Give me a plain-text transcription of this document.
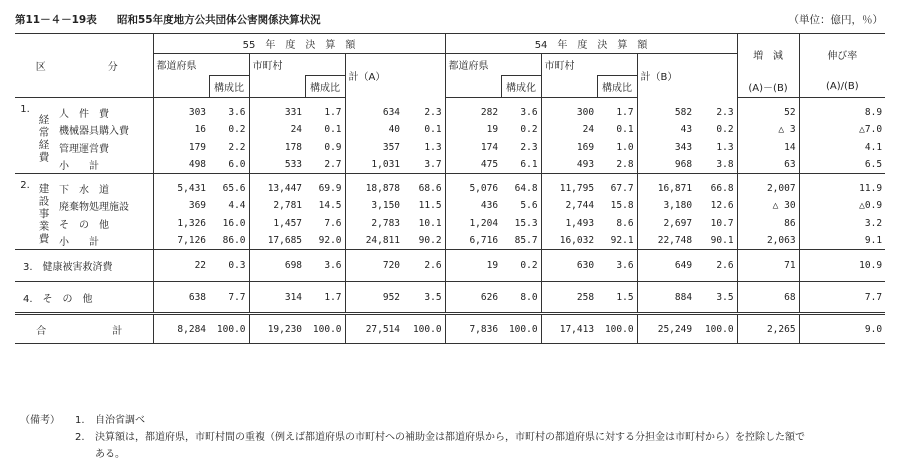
第11－４－19表 昭和55年度地方公共団体公害関係決算状況	（単位：億円，％）
区　　分			55　年　度　決　算　額						54　年　度　決　算　額						増　減	伸び率
			都道府県		市町村		計（A）		都道府県		市町村		計（B）			
				構成比		構成比				構成化		構成比			(A)－(B)	(A)/(B)
1.	経常経費	人　件　費	303	3.6	331	1.7	634	2.3	282	3.6	300	1.7	582	2.3	52	8.9
		機械器具購入費	16	0.2	24	0.1	40	0.1	19	0.2	24	0.1	43	0.2	△ 3	△7.0
		管理運営費	179	2.2	178	0.9	357	1.3	174	2.3	169	1.0	343	1.3	14	4.1
		小　　計	498	6.0	533	2.7	1,031	3.7	475	6.1	493	2.8	968	3.8	63	6.5
2.	建設事業費	下　水　道	5,431	65.6	13,447	69.9	18,878	68.6	5,076	64.8	11,795	67.7	16,871	66.8	2,007	11.9
		廃棄物処理施設	369	4.4	2,781	14.5	3,150	11.5	436	5.6	2,744	15.8	3,180	12.6	△ 30	△0.9
		そ　の　他	1,326	16.0	1,457	7.6	2,783	10.1	1,204	15.3	1,493	8.6	2,697	10.7	86	3.2
		小　　計	7,126	86.0	17,685	92.0	24,811	90.2	6,716	85.7	16,032	92.1	22,748	90.1	2,063	9.1
3.　健康被害救済費			22	0.3	698	3.6	720	2.6	19	0.2	630	3.6	649	2.6	71	10.9
4.　そ　の　他			638	7.7	314	1.7	952	3.5	626	8.0	258	1.5	884	3.5	68	7.7
合　　　計			8,284	100.0	19,230	100.0	27,514	100.0	7,836	100.0	17,413	100.0	25,249	100.0	2,265	9.0
（備考）	1.	自治省調べ
2.	決算額は，都道府県，市町村間の重複（例えば都道府県の市町村への補助金は都道府県から，市町村の都道府県に対する分担金は市町村から）を控除した額で
ある。
